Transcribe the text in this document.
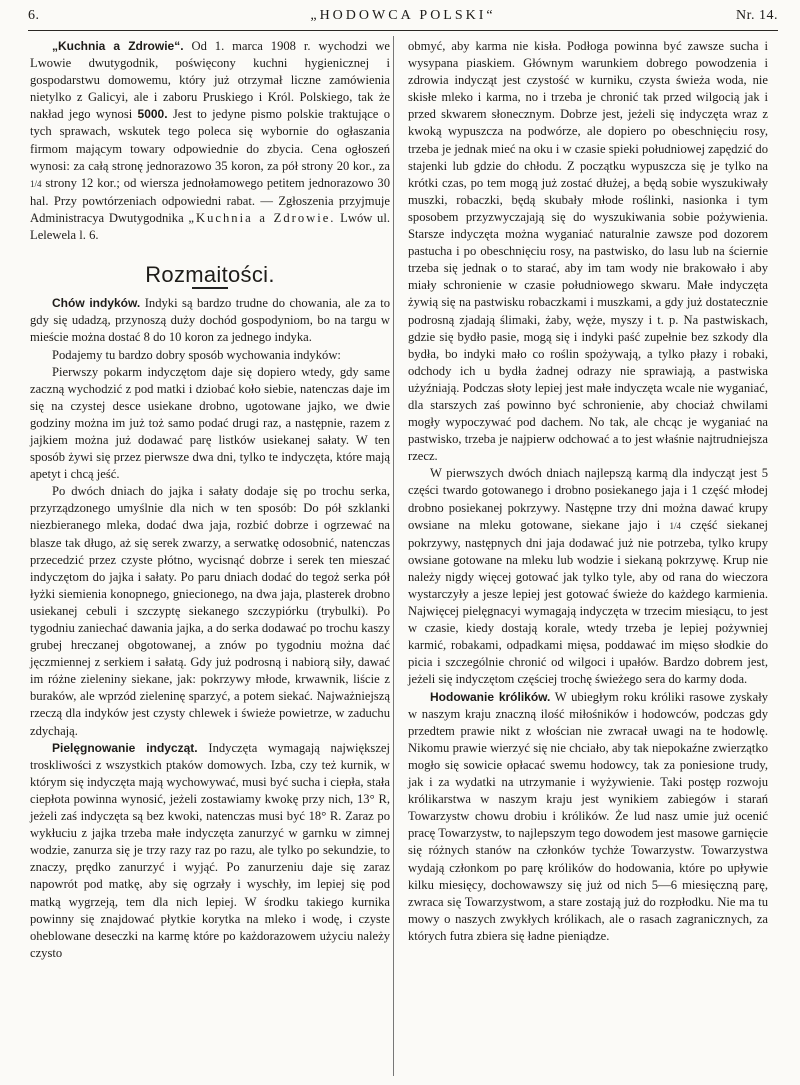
6.	„HODOWCA POLSKI“	Nr. 14.

„Kuchnia a Zdrowie“. Od 1. marca 1908 r. wychodzi we Lwowie dwutygodnik, poświęcony kuchni hygienicznej i gospodarstwu domowemu, który już otrzymał liczne zamówienia nietylko z Galicyi, ale i zaboru Pruskiego i Król. Polskiego, tak że nakład jego wynosi 5000. Jest to jedyne pismo polskie traktujące o tych sprawach, wskutek tego poleca się wybornie do ogłaszania firmom mającym towary odpowiednie do zbycia. Cena ogłoszeń wynosi: za całą stronę jednorazowo 35 koron, za pół strony 20 kor., za 1/4 strony 12 kor.; od wiersza jednołamowego petitem jednorazowo 30 hal. Przy powtórzeniach odpowiedni rabat. — Zgłoszenia przyjmuje Administracya Dwutygodnika „Kuchnia a Zdrowie. Lwów ul. Lelewela l. 6.

Rozmaitości.

Chów indyków. Indyki są bardzo trudne do chowania, ale za to gdy się udadzą, przynoszą duży dochód gospodyniom, bo na targu w mieście można dostać 8 do 10 koron za jednego indyka.

Podajemy tu bardzo dobry sposób wychowania indyków:

Pierwszy pokarm indyczętom daje się dopiero wtedy, gdy same zaczną wychodzić z pod matki i dziobać koło siebie, natenczas daje im się na czystej desce usiekane drobno, ugotowane jajko, we dwie godziny można im już toż samo podać drugi raz, a następnie, razem z jajkiem można już dodawać parę listków usiekanej sałaty. W ten sposób żywi się przez pierwsze dwa dni, tylko te indyczęta, które mają apetyt i chcą jeść.

Po dwóch dniach do jajka i sałaty dodaje się po trochu serka, przyrządzonego umyślnie dla nich w ten sposób: Do pół szklanki niezbieranego mleka, dodać dwa jaja, rozbić dobrze i ogrzewać na blasze tak długo, aż się serek zwarzy, a serwatkę odosobnić, natenczas przecedzić przez czyste płótno, wycisnąć dobrze i serek ten mieszać indyczętom do jajka i sałaty. Po paru dniach dodać do tegoż serka pół łyżki siemienia konopnego, gniecionego, na dwa jaja, plasterek drobno usiekanej cebuli i szczyptę siekanego szczypiórku (trybulki). Po tygodniu zaniechać dawania jajka, a do serka dodawać po trochu kaszy grubej hreczanej obgotowanej, a znów po tygodniu można dać jęczmiennej z serkiem i sałatą. Gdy już podrosną i nabiorą siły, dawać im różne zieleniny siekane, jak: pokrzywy młode, krwawnik, liście z buraków, ale wprzód zieleninę sparzyć, a potem siekać. Najważniejszą rzeczą dla indyków jest czysty chlewek i świeże powietrze, w zaduchu zdychają.

Pielęgnowanie indycząt. Indyczęta wymagają największej troskliwości z wszystkich ptaków domowych. Izba, czy też kurnik, w którym się indyczęta mają wychowywać, musi być sucha i ciepła, stała ciepłota powinna wynosić, jeżeli zostawiamy kwokę przy nich, 13° R, jeżeli zaś indyczęta są bez kwoki, natenczas musi być 18° R. Zaraz po wykłuciu z jajka trzeba małe indyczęta zanurzyć w garnku w zimnej wodzie, zanurza się je trzy razy raz po razu, ale tylko po sekundzie, to znaczy, prędko zanurzyć i wyjąć. Po zanurzeniu daje się zaraz napowrót pod matkę, aby się ogrzały i wyschły, im lepiej się pod matką wygrzeją, tem dla nich lepiej. W środku takiego kurnika powinny się znajdować płytkie korytka na mleko i wodę, i czyste oheblowane deseczki na karmę które po każdorazowem użyciu należy czysto

obmyć, aby karma nie kisła. Podłoga powinna być zawsze sucha i wysypana piaskiem. Głównym warunkiem dobrego powodzenia i zdrowia indycząt jest czystość w kurniku, czysta świeża woda, nie skisłe mleko i karma, no i trzeba je chronić tak przed wilgocią jak i przed skwarem słonecznym. Dobrze jest, jeżeli się indyczęta wraz z kwoką wypuszcza na podwórze, ale dopiero po obeschnięciu rosy, trzeba je jednak mieć na oku i w czasie spieki południowej zapędzić do stajenki lub gdzie do chłodu. Z początku wypuszcza się je tylko na krótki czas, po tem mogą już zostać dłużej, a będą sobie wyszukiwały muszki, robaczki, będą skubały młode roślinki, nasionka i tym sposobem przyzwyczajają się do wyszukiwania sobie pożywienia. Starsze indyczęta można wyganiać naturalnie zawsze pod dozorem pastucha i po obeschnięciu rosy, na pastwisko, do lasu lub na ściernie trzeba się jednak o to starać, aby im tam wody nie brakowało i aby miały schronienie w czasie południowego skwaru. Małe indyczęta żywią się na pastwisku robaczkami i muszkami, a gdy już dostatecznie podrosną zjadają ślimaki, żaby, węże, myszy i t. p. Na pastwiskach, gdzie się bydło pasie, mogą się i indyki paść zupełnie bez szkody dla bydła, bo indyki mało co roślin spożywają, a tylko płazy i robaki, odchody ich u bydła żadnej odrazy nie sprawiają, a pastwiska użyźniają. Podczas słoty lepiej jest małe indyczęta wcale nie wyganiać, dla starszych zaś powinno być schronienie, aby chociaż chwilami mogły wypoczywać pod dachem. No tak, ale chcąc je wyganiać na pastwisko, trzeba je najpierw odchować a to jest właśnie najtrudniejsza rzecz.

W pierwszych dwóch dniach najlepszą karmą dla indycząt jest 5 części twardo gotowanego i drobno posiekanego jaja i 1 część młodej drobno posiekanej pokrzywy. Następne trzy dni można dawać krupy owsiane na mleku gotowane, siekane jajo i 1/4 część siekanej pokrzywy, następnych dni jaja dodawać już nie potrzeba, tylko krupy owsiane gotowane na mleku lub wodzie i siekaną pokrzywę. Krup nie należy nigdy więcej gotować jak tylko tyle, aby od rana do wieczora wystarczyły a jesze lepiej jest gotować świeże do każdego karmienia. Najwięcej pielęgnacyi wymagają indyczęta w trzecim miesiącu, to jest w czasie, kiedy dostają korale, wtedy trzeba je lepiej pożywniej karmić, robakami, odpadkami mięsa, poddawać im mięso słodkie do picia i szczególnie chronić od wilgoci i upałów. Bardzo dobrem jest, jeżeli się indyczętom częściej trochę świeżego sera do karmy doda.

Hodowanie królików. W ubiegłym roku króliki rasowe zyskały w naszym kraju znaczną ilość miłośników i hodowców, podczas gdy przedtem prawie nikt z włościan nie zwracał uwagi na te hodowlę. Nikomu prawie wierzyć się nie chciało, aby tak niepokaźne zwierzątko mogło się sowicie opłacać swemu hodowcy, tak za poniesione trudy, jak i za wydatki na utrzymanie i wyżywienie. Taki postęp rozwoju królikarstwa w naszym kraju jest wynikiem zabiegów i starań Towarzystw chowu drobiu i królików. Że lud nasz umie już ocenić pracę Towarzystw, to najlepszym tego dowodem jest masowe garnięcie się różnych stanów na członków tychże Towarzystw. Towarzystwa wydają członkom po parę królików do hodowania, które po upływie kilku miesięcy, dochowawszy się już od nich 5—6 miesięczną parę, zwraca się Towarzystwom, a stare zostają już do rozpłodku. Nie ma tu mowy o naszych zwykłych królikach, ale o rasach zagranicznych, za których futra zbiera się ładne pieniądze.
